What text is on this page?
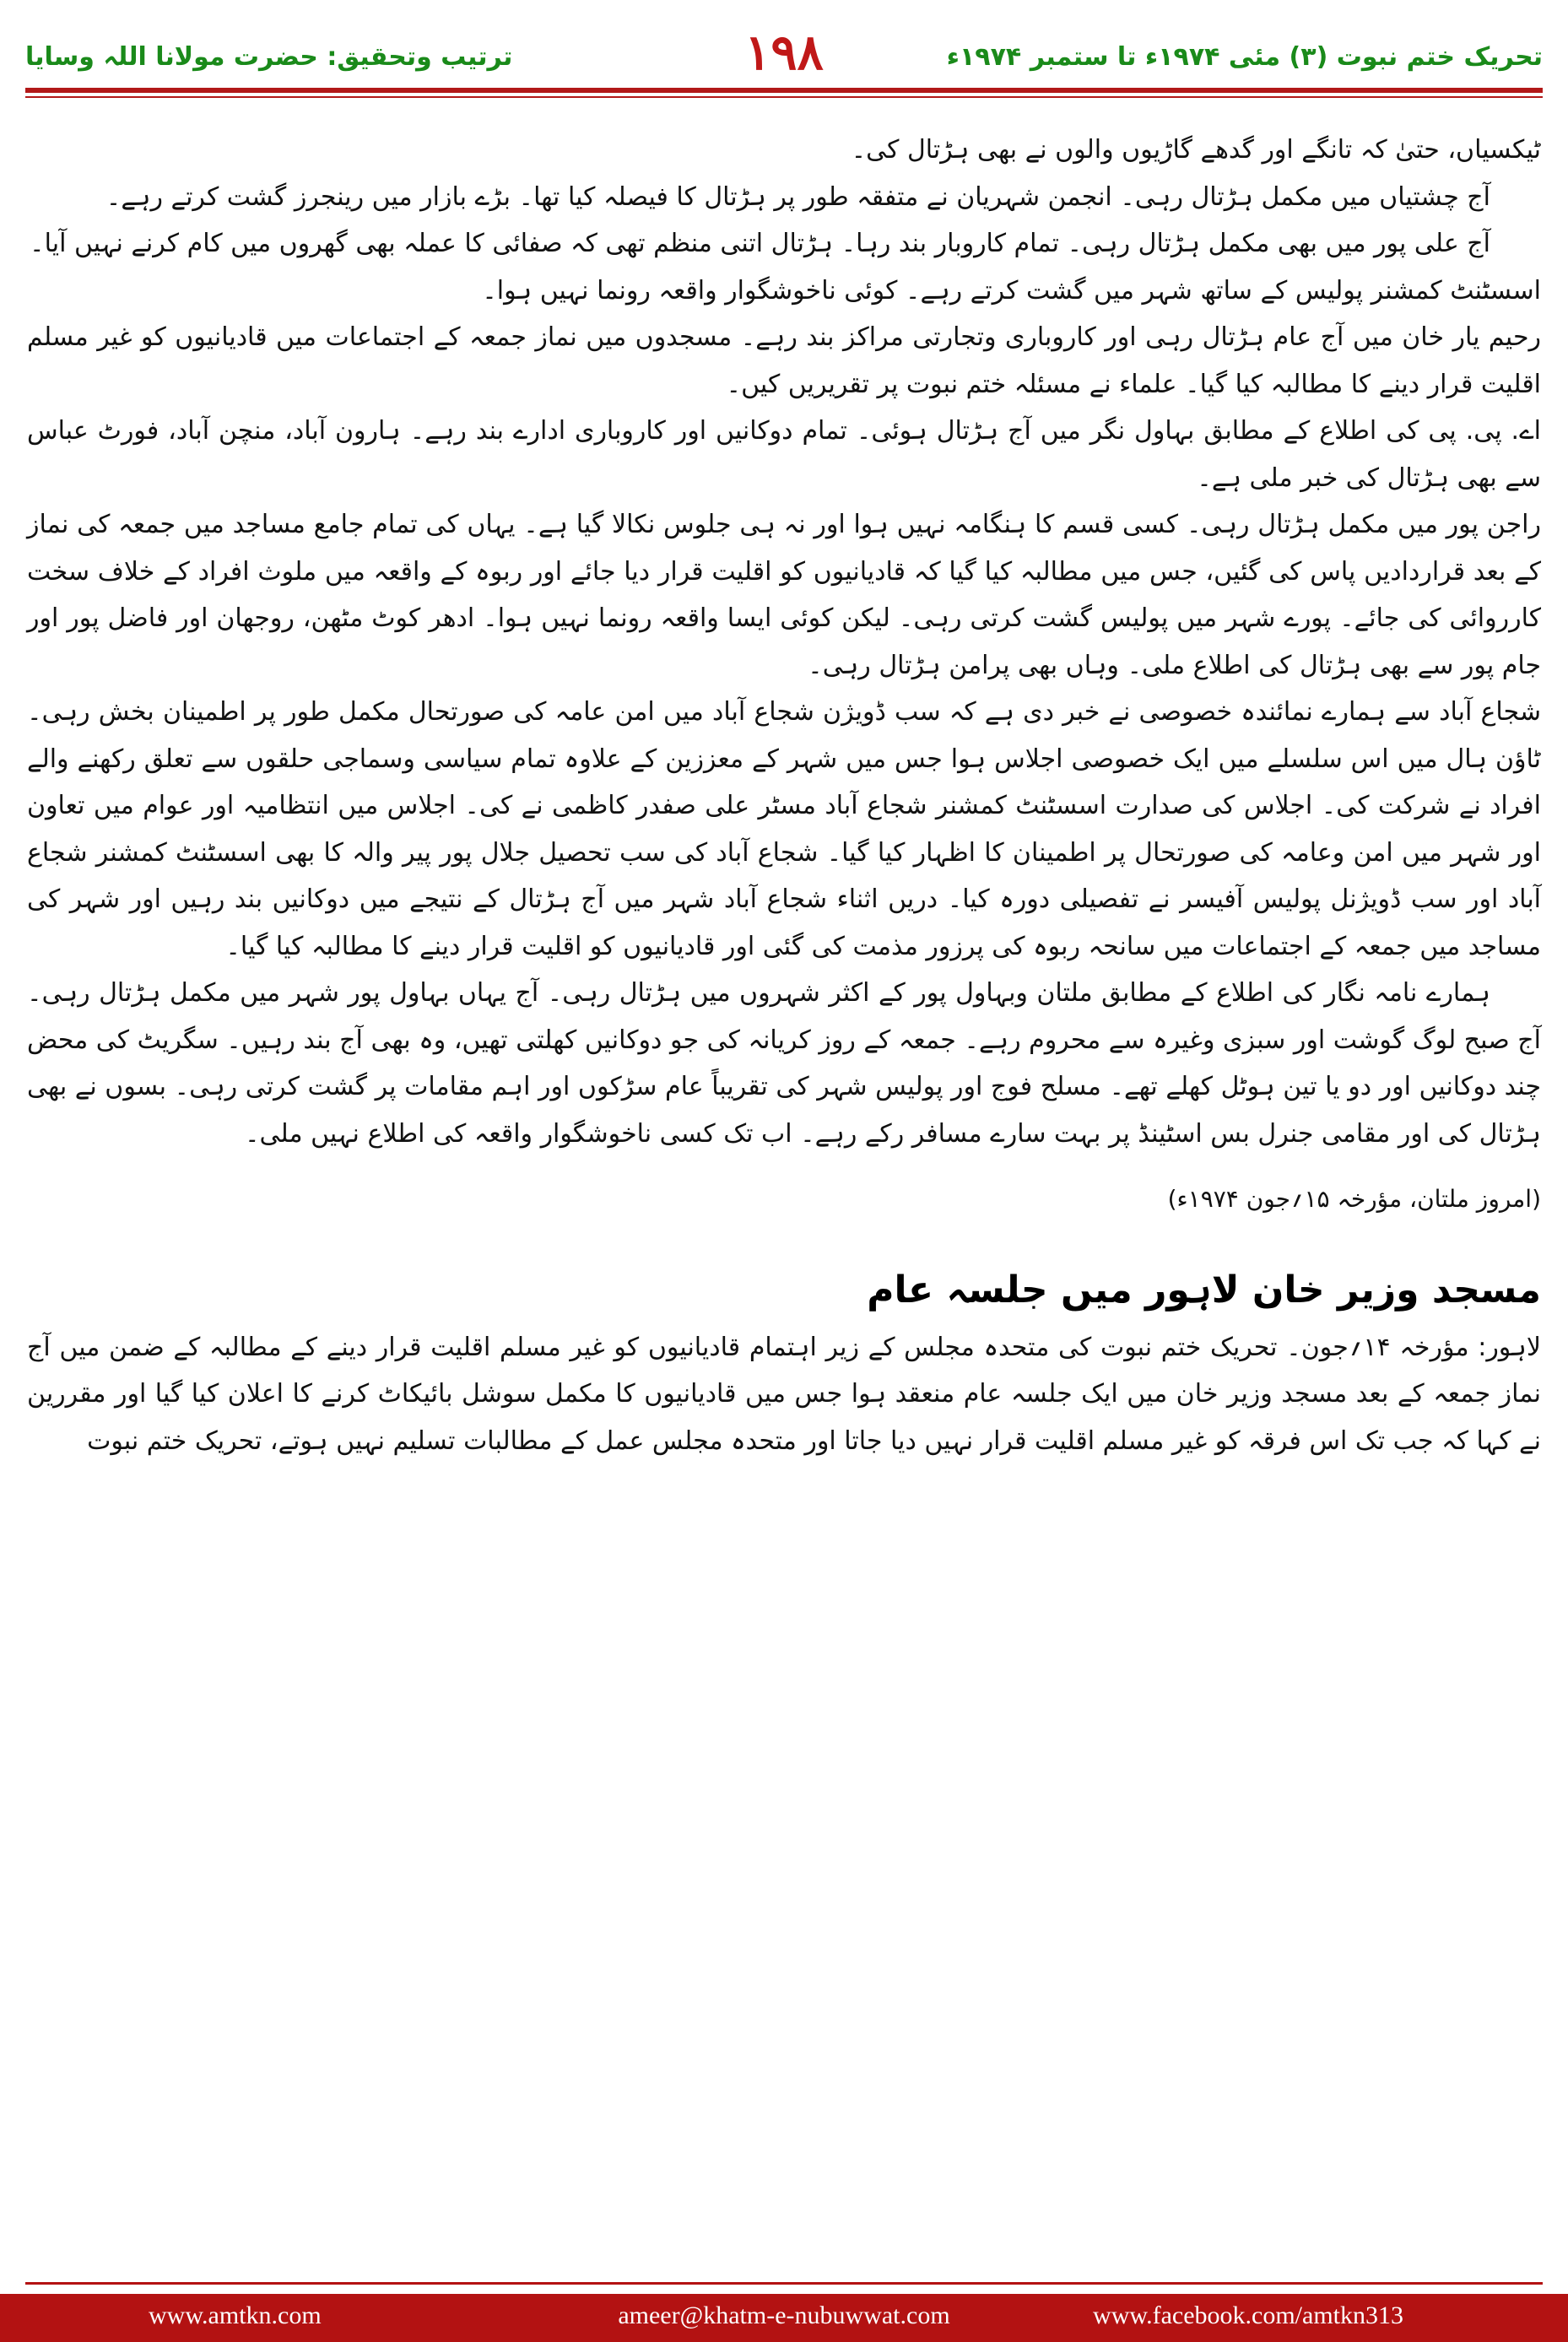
ترتیب وتحقیق: حضرت مولانا اللہ وسایا	۱۹۸	تحریک ختم نبوت (۳) مئی ۱۹۷۴ء تا ستمبر ۱۹۷۴ء

ٹیکسیاں، حتیٰ کہ تانگے اور گدھے گاڑیوں والوں نے بھی ہڑتال کی۔

آج چشتیاں میں مکمل ہڑتال رہی۔ انجمن شہریان نے متفقہ طور پر ہڑتال کا فیصلہ کیا تھا۔ بڑے بازار میں رینجرز گشت کرتے رہے۔

آج علی پور میں بھی مکمل ہڑتال رہی۔ تمام کاروبار بند رہا۔ ہڑتال اتنی منظم تھی کہ صفائی کا عملہ بھی گھروں میں کام کرنے نہیں آیا۔

اسسٹنٹ کمشنر پولیس کے ساتھ شہر میں گشت کرتے رہے۔ کوئی ناخوشگوار واقعہ رونما نہیں ہوا۔

رحیم یار خان میں آج عام ہڑتال رہی اور کاروباری وتجارتی مراکز بند رہے۔ مسجدوں میں نماز جمعہ کے اجتماعات میں قادیانیوں کو غیر مسلم اقلیت قرار دینے کا مطالبہ کیا گیا۔ علماء نے مسئلہ ختم نبوت پر تقریریں کیں۔

اے. پی. پی کی اطلاع کے مطابق بہاول نگر میں آج ہڑتال ہوئی۔ تمام دوکانیں اور کاروباری ادارے بند رہے۔ ہارون آباد، منچن آباد، فورٹ عباس سے بھی ہڑتال کی خبر ملی ہے۔

راجن پور میں مکمل ہڑتال رہی۔ کسی قسم کا ہنگامہ نہیں ہوا اور نہ ہی جلوس نکالا گیا ہے۔ یہاں کی تمام جامع مساجد میں جمعہ کی نماز کے بعد قراردادیں پاس کی گئیں، جس میں مطالبہ کیا گیا کہ قادیانیوں کو اقلیت قرار دیا جائے اور ربوہ کے واقعہ میں ملوث افراد کے خلاف سخت کارروائی کی جائے۔ پورے شہر میں پولیس گشت کرتی رہی۔ لیکن کوئی ایسا واقعہ رونما نہیں ہوا۔ ادھر کوٹ مٹھن، روجھان اور فاضل پور اور جام پور سے بھی ہڑتال کی اطلاع ملی۔ وہاں بھی پرامن ہڑتال رہی۔

شجاع آباد سے ہمارے نمائندہ خصوصی نے خبر دی ہے کہ سب ڈویژن شجاع آباد میں امن عامہ کی صورتحال مکمل طور پر اطمینان بخش رہی۔ ٹاؤن ہال میں اس سلسلے میں ایک خصوصی اجلاس ہوا جس میں شہر کے معززین کے علاوہ تمام سیاسی وسماجی حلقوں سے تعلق رکھنے والے افراد نے شرکت کی۔ اجلاس کی صدارت اسسٹنٹ کمشنر شجاع آباد مسٹر علی صفدر کاظمی نے کی۔ اجلاس میں انتظامیہ اور عوام میں تعاون اور شہر میں امن وعامہ کی صورتحال پر اطمینان کا اظہار کیا گیا۔ شجاع آباد کی سب تحصیل جلال پور پیر والہ کا بھی اسسٹنٹ کمشنر شجاع آباد اور سب ڈویژنل پولیس آفیسر نے تفصیلی دورہ کیا۔ دریں اثناء شجاع آباد شہر میں آج ہڑتال کے نتیجے میں دوکانیں بند رہیں اور شہر کی مساجد میں جمعہ کے اجتماعات میں سانحہ ربوہ کی پرزور مذمت کی گئی اور قادیانیوں کو اقلیت قرار دینے کا مطالبہ کیا گیا۔

ہمارے نامہ نگار کی اطلاع کے مطابق ملتان وبہاول پور کے اکثر شہروں میں ہڑتال رہی۔ آج یہاں بہاول پور شہر میں مکمل ہڑتال رہی۔ آج صبح لوگ گوشت اور سبزی وغیرہ سے محروم رہے۔ جمعہ کے روز کریانہ کی جو دوکانیں کھلتی تھیں، وہ بھی آج بند رہیں۔ سگریٹ کی محض چند دوکانیں اور دو یا تین ہوٹل کھلے تھے۔ مسلح فوج اور پولیس شہر کی تقریباً عام سڑکوں اور اہم مقامات پر گشت کرتی رہی۔ بسوں نے بھی ہڑتال کی اور مقامی جنرل بس اسٹینڈ پر بہت سارے مسافر رکے رہے۔ اب تک کسی ناخوشگوار واقعہ کی اطلاع نہیں ملی۔

(امروز ملتان، مؤرخہ ۱۵؍جون ۱۹۷۴ء)

مسجد وزیر خان لاہور میں جلسہ عام

لاہور: مؤرخہ ۱۴؍جون۔ تحریک ختم نبوت کی متحدہ مجلس کے زیر اہتمام قادیانیوں کو غیر مسلم اقلیت قرار دینے کے مطالبہ کے ضمن میں آج نماز جمعہ کے بعد مسجد وزیر خان میں ایک جلسہ عام منعقد ہوا جس میں قادیانیوں کا مکمل سوشل بائیکاٹ کرنے کا اعلان کیا گیا اور مقررین نے کہا کہ جب تک اس فرقہ کو غیر مسلم اقلیت قرار نہیں دیا جاتا اور متحدہ مجلس عمل کے مطالبات تسلیم نہیں ہوتے، تحریک ختم نبوت

www.amtkn.com	ameer@khatm-e-nubuwwat.com	www.facebook.com/amtkn313
